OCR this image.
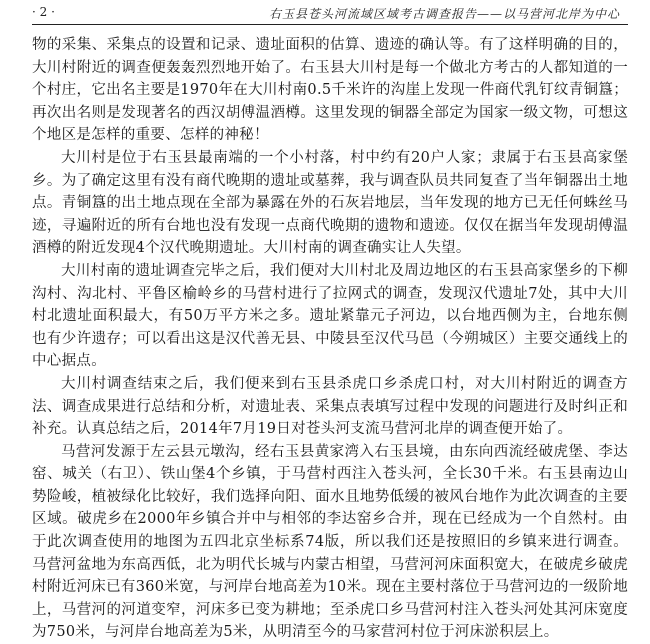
· 2 ·	右玉县苍头河流域区域考古调查报告——以马营河北岸为中心

物的采集、采集点的设置和记录、遗址面积的估算、遗迹的确认等。有了这样明确的目的，大川村附近的调查便轰轰烈烈地开始了。右玉县大川村是每一个做北方考古的人都知道的一个村庄，它出名主要是1970年在大川村南0.5千米许的沟崖上发现一件商代乳钉纹青铜簋；再次出名则是发现著名的西汉胡傅温酒樽。这里发现的铜器全部定为国家一级文物，可想这个地区是怎样的重要、怎样的神秘！

大川村是位于右玉县最南端的一个小村落，村中约有20户人家；隶属于右玉县高家堡乡。为了确定这里有没有商代晚期的遗址或墓葬，我与调查队员共同复查了当年铜器出土地点。青铜簋的出土地点现在全部为暴露在外的石灰岩地层，当年发现的地方已无任何蛛丝马迹，寻遍附近的所有台地也没有发现一点商代晚期的遗物和遗迹。仅仅在据当年发现胡傅温酒樽的附近发现4个汉代晚期遗址。大川村南的调查确实让人失望。

大川村南的遗址调查完毕之后，我们便对大川村北及周边地区的右玉县高家堡乡的下柳沟村、沟北村、平鲁区榆岭乡的马营村进行了拉网式的调查，发现汉代遗址7处，其中大川村北遗址面积最大，有50万平方米之多。遗址紧靠元子河边，以台地西侧为主，台地东侧也有少许遗存；可以看出这是汉代善无县、中陵县至汉代马邑（今朔城区）主要交通线上的中心据点。

大川村调查结束之后，我们便来到右玉县杀虎口乡杀虎口村，对大川村附近的调查方法、调查成果进行总结和分析，对遗址表、采集点表填写过程中发现的问题进行及时纠正和补充。认真总结之后，2014年7月19日对苍头河支流马营河北岸的调查便开始了。

马营河发源于左云县元墩沟，经右玉县黄家湾入右玉县境，由东向西流经破虎堡、李达窑、城关（右卫）、铁山堡4个乡镇，于马营村西注入苍头河，全长30千米。右玉县南边山势险峻，植被绿化比较好，我们选择向阳、面水且地势低缓的被风台地作为此次调查的主要区域。破虎乡在2000年乡镇合并中与相邻的李达窑乡合并，现在已经成为一个自然村。由于此次调查使用的地图为五四北京坐标系74版，所以我们还是按照旧的乡镇来进行调查。马营河盆地为东高西低，北为明代长城与内蒙古相望，马营河河床面积宽大，在破虎乡破虎村附近河床已有360米宽，与河岸台地高差为10米。现在主要村落位于马营河边的一级阶地上，马营河的河道变窄，河床多已变为耕地；至杀虎口乡马营河村注入苍头河处其河床宽度为750米，与河岸台地高差为5米，从明清至今的马家营河村位于河床淤积层上。
